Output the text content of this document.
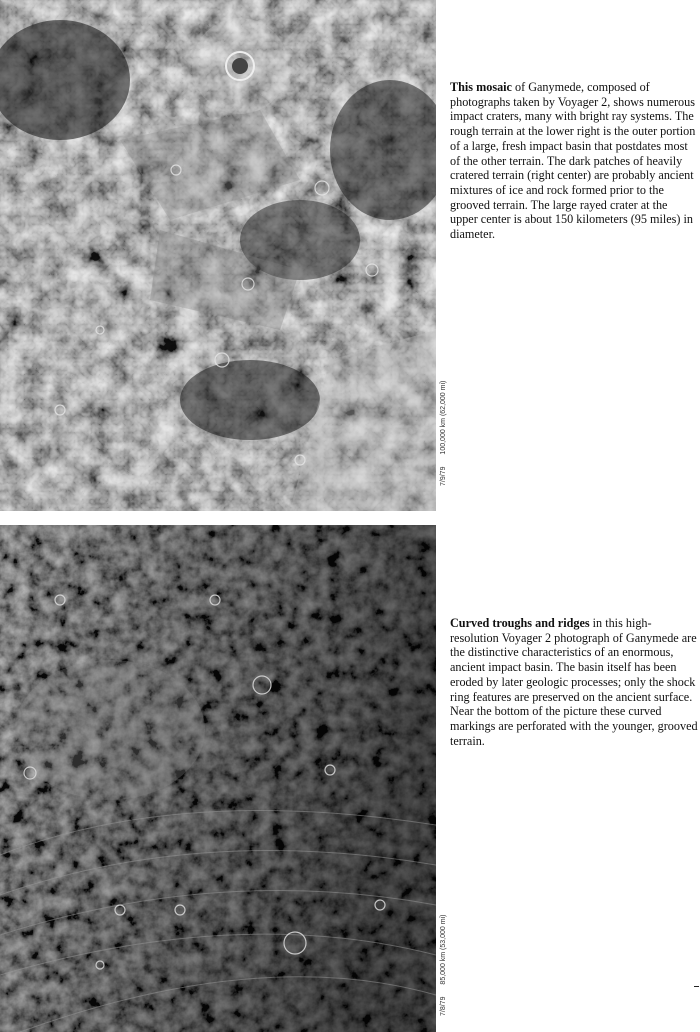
7/9/79 100,000 km (62,000 mi)
This mosaic of Ganymede, composed of photographs taken by Voyager 2, shows numerous impact craters, many with bright ray systems. The rough terrain at the lower right is the outer portion of a large, fresh impact basin that postdates most of the other terrain. The dark patches of heavily cratered terrain (right center) are probably ancient mixtures of ice and rock formed prior to the grooved terrain. The large rayed crater at the upper center is about 150 kilometers (95 miles) in diameter.
7/8/79 85,000 km (53,000 mi)
Curved troughs and ridges in this high-resolution Voyager 2 photograph of Ganymede are the distinctive characteristics of an enormous, ancient impact basin. The basin itself has been eroded by later geologic processes; only the shock ring features are preserved on the ancient surface. Near the bottom of the picture these curved markings are perforated with the younger, grooved terrain.
